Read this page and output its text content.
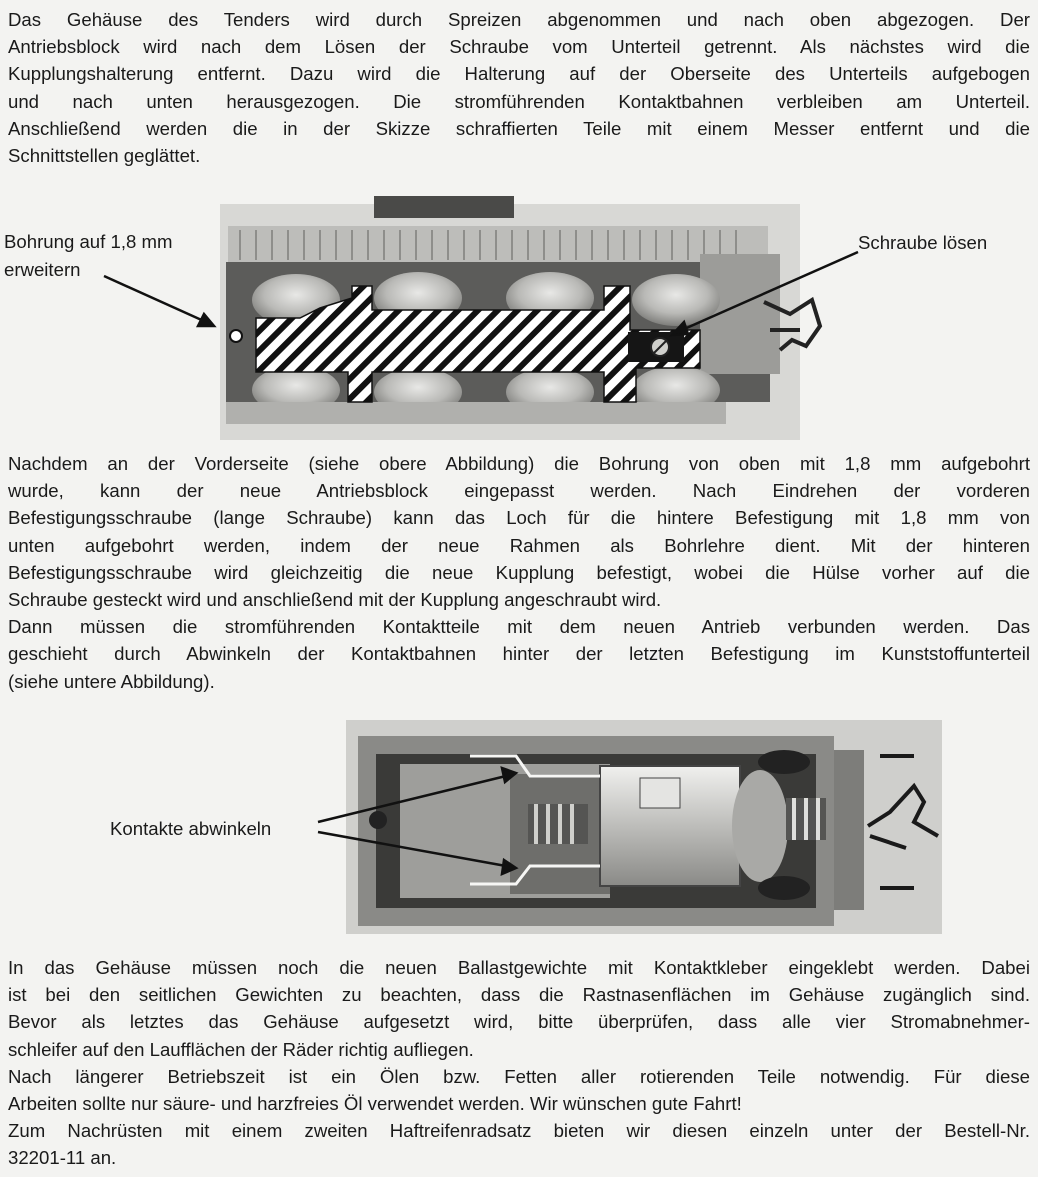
Das Gehäuse des Tenders wird durch Spreizen abgenommen und nach oben abgezogen. Der
Antriebsblock wird nach dem Lösen der Schraube vom Unterteil getrennt. Als nächstes wird die
Kupplungshalterung entfernt. Dazu wird die Halterung auf der Oberseite des Unterteils aufgebogen
und nach unten herausgezogen. Die stromführenden Kontaktbahnen verbleiben am Unterteil.
Anschließend werden die in der Skizze schraffierten Teile mit einem Messer entfernt und die
Schnittstellen geglättet.

Bohrung auf 1,8 mm

erweitern

Schraube lösen

Nachdem an der Vorderseite (siehe obere Abbildung) die Bohrung von oben mit 1,8 mm aufgebohrt
wurde, kann der neue Antriebsblock eingepasst werden. Nach Eindrehen der vorderen
Befestigungsschraube (lange Schraube) kann das Loch für die hintere Befestigung mit 1,8 mm von
unten aufgebohrt werden, indem der neue Rahmen als Bohrlehre dient. Mit der hinteren
Befestigungsschraube wird gleichzeitig die neue Kupplung befestigt, wobei die Hülse vorher auf die
Schraube gesteckt wird und anschließend mit der Kupplung angeschraubt wird.
Dann müssen die stromführenden Kontaktteile mit dem neuen Antrieb verbunden werden. Das
geschieht durch Abwinkeln der Kontaktbahnen hinter der letzten Befestigung im Kunststoffunterteil
(siehe untere Abbildung).

Kontakte abwinkeln

In das Gehäuse müssen noch die neuen Ballastgewichte mit Kontaktkleber eingeklebt werden. Dabei
ist bei den seitlichen Gewichten zu beachten, dass die Rastnasenflächen im Gehäuse zugänglich sind.
Bevor als letztes das Gehäuse aufgesetzt wird, bitte überprüfen, dass alle vier Stromabnehmer-
schleifer auf den Laufflächen der Räder richtig aufliegen.
Nach längerer Betriebszeit ist ein Ölen bzw. Fetten aller rotierenden Teile notwendig. Für diese
Arbeiten sollte nur säure- und harzfreies Öl verwendet werden. Wir wünschen gute Fahrt!
Zum Nachrüsten mit einem zweiten Haftreifenradsatz bieten wir diesen einzeln unter der Bestell-Nr.
32201-11 an.
